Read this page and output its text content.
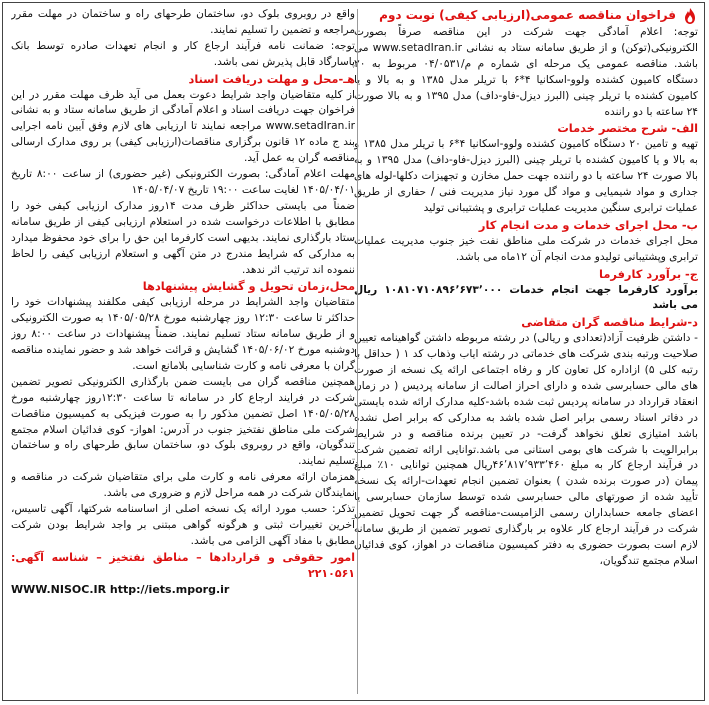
فراخوان مناقصه عمومی(ارزیابی کیفی) نوبت دوم

توجه: اعلام آمادگی جهت شرکت در این مناقصه صرفاً بصورت الکترونیکی(توکن) و از طریق سامانه ستاد به نشانی www.setadIran.ir می باشد. مناقصه عمومی یک مرحله ای شماره م م/۰۴/۰۵۳۱ مربوط به ۲۰ دستگاه کامیون کشنده ولوو-اسکانیا ۴*۶ با تریلر مدل ۱۳۸۵ و به بالا و یا کامیون کشنده با تریلر چینی (البرز دیزل-فاو-داف) مدل ۱۳۹۵ و به بالا صورت ۲۴ ساعته با دو راننده

الف- شرح مختصر خدمات

تهیه و تامین ۲۰ دستگاه کامیون کشنده ولوو-اسکانیا ۴*۶ با تریلر مدل ۱۳۸۵ و به بالا و یا کامیون کشنده با تریلر چینی (البرز دیزل-فاو-داف) مدل ۱۳۹۵ و به بالا صورت ۲۴ ساعته با دو راننده جهت حمل مخازن و تجهیزات دکلها-لوله های جداری و مواد شیمیایی و مواد گل مورد نیاز مدیریت فنی / حفاری از طریق عملیات ترابری سنگین مدیریت عملیات ترابری و پشتیبانی تولید

ب- محل اجرای خدمات و مدت انجام کار

محل اجرای خدمات در شرکت ملی مناطق نفت خیز جنوب مدیریت عملیات ترابری وپشتیبانی تولیدو مدت انجام آن ۱۲ماه می باشد.

ج- برآورد کارفرما

برآورد کارفرما جهت انجام خدمات ۱۰۸۱۰۷۱۰۸۹۶٬۶۷۳٬۰۰۰ ریال می باشد

د-شرایط مناقصه گران متقاضی

- داشتن ظرفیت آزاد(تعدادی و ریالی) در رشته مربوطه داشتن گواهینامه تعیین صلاحیت ورتبه بندی شرکت های خدماتی در رشته ایاب وذهاب کد ۱ ( حداقل با رتبه کلی ۵) ازاداره کل تعاون کار و رفاه اجتماعی ارائه یک نسخه از صورت های مالی حسابرسی شده و دارای احراز اصالت از سامانه پردیس ( در زمان انعقاد قرارداد در سامانه پردیس ثبت شده باشد-کلیه مدارک ارائه شده بایستی در دفاتر اسناد رسمی برابر اصل شده باشد به مدارکی که برابر اصل نشده باشد امتیازی تعلق نخواهد گرفت- در تعیین برنده مناقصه و در شرایط برابرالویت با شرکت های بومی استانی می باشد.توانایی ارائه تضمین شرکت در فرآیند ارجاع کار به مبلغ ۴۶٬۸۱۷٬۹۳۳٬۴۶۰ریال همچنین توانایی ۱۰٪ مبلغ پیمان (در صورت برنده شدن ) بعنوان تضمین انجام تعهدات-ارائه یک نسخه تأیید شده از صورتهای مالی حسابرسی شده توسط سازمان حسابرسی یا اعضای جامعه حسابداران رسمی الزامیست-مناقصه گر جهت تحویل تضمین شرکت در فرآیند ارجاع کار علاوه بر بارگذاری تصویر تضمین از طریق سامانه لازم است بصورت حضوری به دفتر کمیسیون مناقصات در اهواز، کوی فدائیان اسلام مجتمع تندگویان،

واقع در روبروی بلوک دو، ساختمان طرحهای راه و ساختمان در مهلت مقرر مراجعه و تضمین را تسلیم نمایند.

توجه: ضمانت نامه فرآیند ارجاع کار و انجام تعهدات صادره توسط بانک پاسارگاد قابل پذیرش نمی باشد.

هـ-محل و مهلت دریافت اسناد

از کلیه متقاضیان واجد شرایط دعوت بعمل می آید ظرف مهلت مقرر در این فراخوان جهت دریافت اسناد و اعلام آمادگی از طریق سامانه ستاد و به نشانی www.setadIran.ir مراجعه نمایند تا ارزیابی های لازم وفق آیین نامه اجرایی بند ج ماده ۱۲ قانون برگزاری مناقصات(ارزیابی کیفی) بر روی مدارک ارسالی مناقصه گران به عمل آید.

مهلت اعلام آمادگی: بصورت الکترونیکی (غیر حضوری) از ساعت ۸:۰۰ تاریخ ۱۴۰۵/۰۴/۰۱ لغایت ساعت ۱۹:۰۰ تاریخ ۱۴۰۵/۰۴/۰۷

ضمناً می بایستی حداکثر ظرف مدت ۱۴روز مدارک ارزیابی کیفی خود را مطابق با اطلاعات درخواست شده در استعلام ارزیابی کیفی از طریق سامانه ستاد بارگذاری نمایند. بدیهی است کارفرما این حق را برای خود محفوظ میدارد به مدارکی که شرایط مندرج در متن آگهی و استعلام ارزیابی کیفی را لحاظ ننموده اند ترتیب اثر ندهد.

محل،زمان تحویل و گشایش پیشنهادها

متقاضیان واجد الشرایط در مرحله ارزیابی کیفی مکلفند پیشنهادات خود را حداکثر تا ساعت ۱۲:۳۰ روز چهارشنبه مورخ ۱۴۰۵/۰۵/۲۸ به صورت الکترونیکی و از طریق سامانه ستاد تسلیم نمایند. ضمناً پیشنهادات در ساعت ۸:۰۰ روز دوشنبه مورخ ۱۴۰۵/۰۶/۰۲ گشایش و قرائت خواهد شد و حضور نماینده مناقصه گران با معرفی نامه و کارت شناسایی بلامانع است.

همچنین مناقصه گران می بایست ضمن بارگذاری الکترونیکی تصویر تضمین شرکت در فرایند ارجاع کار در سامانه تا ساعت ۱۲:۳۰روز چهارشنبه مورخ ۱۴۰۵/۰۵/۲۸ اصل تضمین مذکور را به صورت فیزیکی به کمیسیون مناقصات شرکت ملی مناطق نفتخیز جنوب در آدرس: اهواز- کوی فدائیان اسلام مجتمع تندگویان، واقع در روبروی بلوک دو، ساختمان سابق طرحهای راه و ساختمان تسلیم نمایند.

همزمان ارائه معرفی نامه و کارت ملی برای متقاضیان شرکت در مناقصه و نمایندگان شرکت در همه مراحل لازم و ضروری می باشد.

تذکر: حسب مورد ارائه یک نسخه اصلی از اساسنامه شرکتها، آگهی تاسیس، آخرین تغییرات ثبتی و هرگونه گواهی مبتنی بر واجد شرایط بودن شرکت مطابق با مفاد آگهی الزامی می باشد.

امور حقوقی و قراردادها – مناطق نفتخیز – شناسه آگهی: ۲۲۱۰۵۶۱

WWW.NISOC.IR http://iets.mporg.ir
